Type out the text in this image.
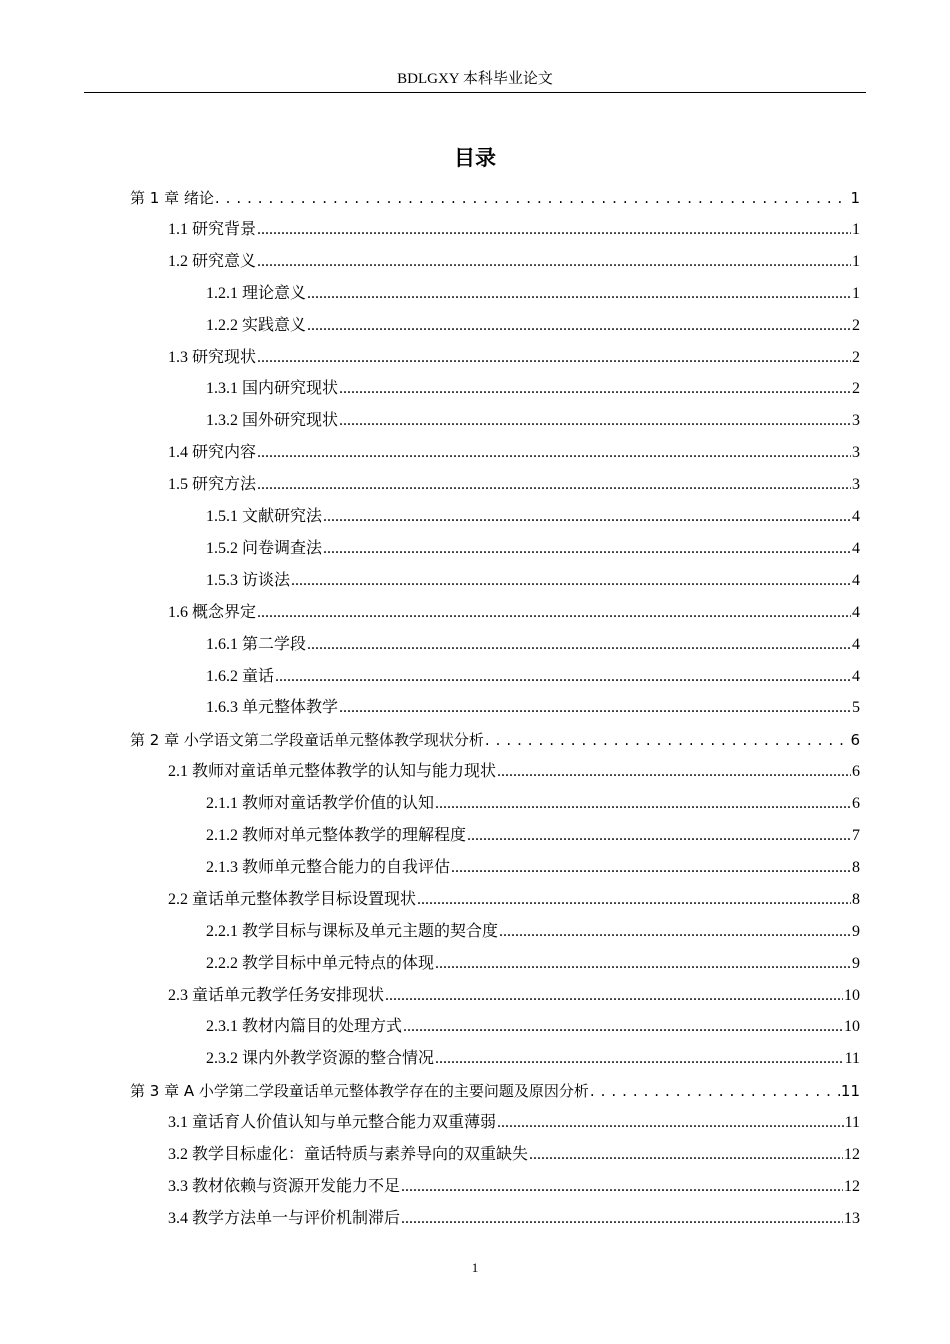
BDLGXY 本科毕业论文
目录
第 1 章 绪论 . . .	1
1.1 研究背景 .....	1
1.2 研究意义 .....	1
1.2.1 理论意义 .....	1
1.2.2 实践意义 .....	2
1.3 研究现状 .....	2
1.3.1 国内研究现状 .....	2
1.3.2 国外研究现状 .....	3
1.4 研究内容 .....	3
1.5 研究方法 .....	3
1.5.1 文献研究法 .....	4
1.5.2 问卷调查法 .....	4
1.5.3 访谈法 .....	4
1.6 概念界定 .....	4
1.6.1 第二学段 .....	4
1.6.2 童话 .....	4
1.6.3 单元整体教学 .....	5
第 2 章 小学语文第二学段童话单元整体教学现状分析 . . .	6
2.1 教师对童话单元整体教学的认知与能力现状 .....	6
2.1.1 教师对童话教学价值的认知 .....	6
2.1.2 教师对单元整体教学的理解程度 .....	7
2.1.3 教师单元整合能力的自我评估 .....	8
2.2 童话单元整体教学目标设置现状 .....	8
2.2.1 教学目标与课标及单元主题的契合度 .....	9
2.2.2 教学目标中单元特点的体现 .....	9
2.3 童话单元教学任务安排现状 .....	10
2.3.1 教材内篇目的处理方式 .....	10
2.3.2 课内外教学资源的整合情况 .....	11
第 3 章 A 小学第二学段童话单元整体教学存在的主要问题及原因分析 . . .	11
3.1 童话育人价值认知与单元整合能力双重薄弱 .....	11
3.2 教学目标虚化：童话特质与素养导向的双重缺失 .....	12
3.3 教材依赖与资源开发能力不足 .....	12
3.4 教学方法单一与评价机制滞后 .....	13
1
